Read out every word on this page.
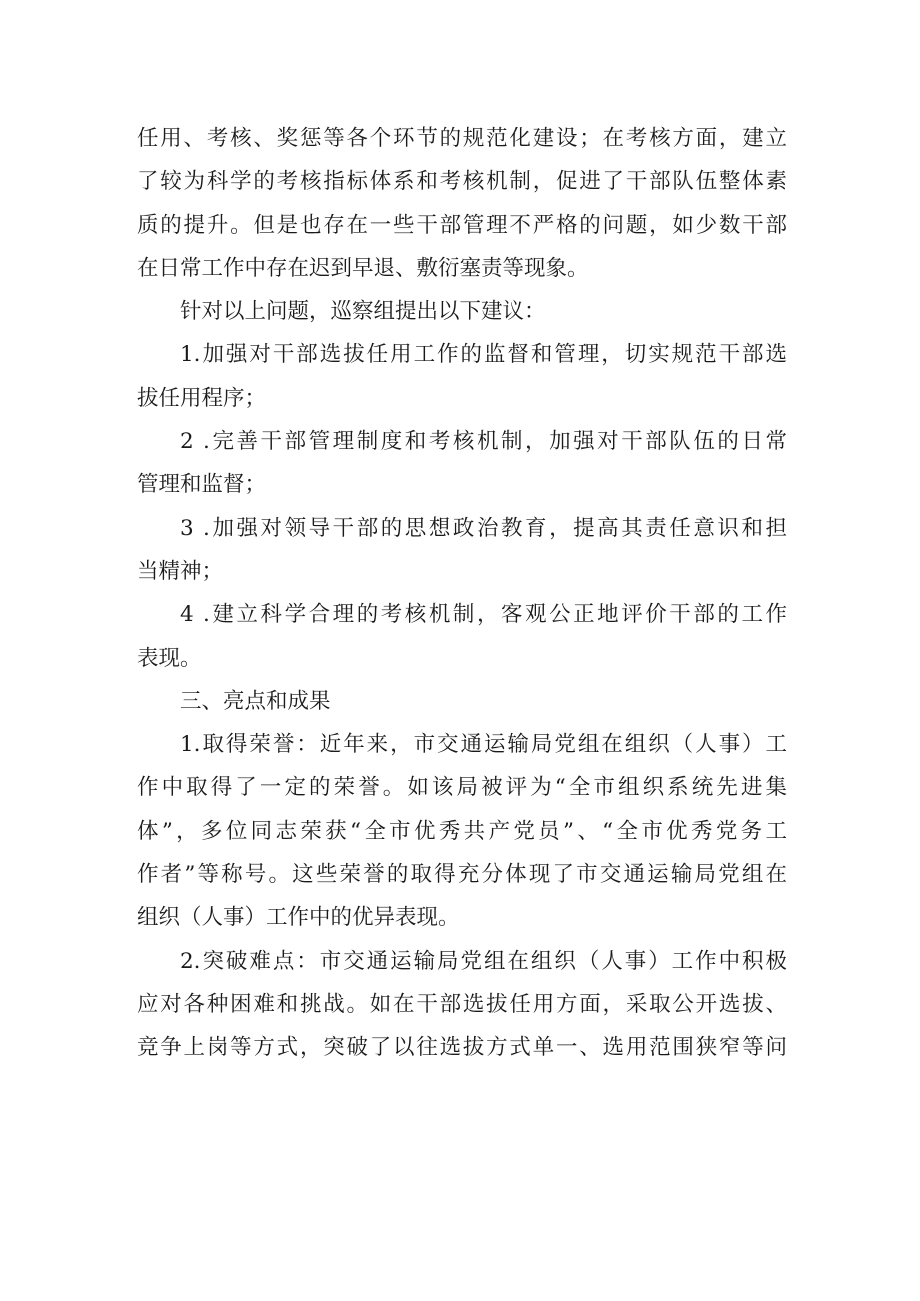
任用、考核、奖惩等各个环节的规范化建设；在考核方面，建立
了较为科学的考核指标体系和考核机制，促进了干部队伍整体素
质的提升。但是也存在一些干部管理不严格的问题，如少数干部
在日常工作中存在迟到早退、敷衍塞责等现象。
针对以上问题，巡察组提出以下建议：
1.加强对干部选拔任用工作的监督和管理，切实规范干部选
拔任用程序；
2 .完善干部管理制度和考核机制，加强对干部队伍的日常
管理和监督；
3 .加强对领导干部的思想政治教育，提高其责任意识和担
当精神；
4 .建立科学合理的考核机制，客观公正地评价干部的工作
表现。
三、亮点和成果
1.取得荣誉：近年来，市交通运输局党组在组织（人事）工
作中取得了一定的荣誉。如该局被评为“全市组织系统先进集
体”，多位同志荣获“全市优秀共产党员”、“全市优秀党务工
作者”等称号。这些荣誉的取得充分体现了市交通运输局党组在
组织（人事）工作中的优异表现。
2.突破难点：市交通运输局党组在组织（人事）工作中积极
应对各种困难和挑战。如在干部选拔任用方面，采取公开选拔、
竞争上岗等方式，突破了以往选拔方式单一、选用范围狭窄等问
